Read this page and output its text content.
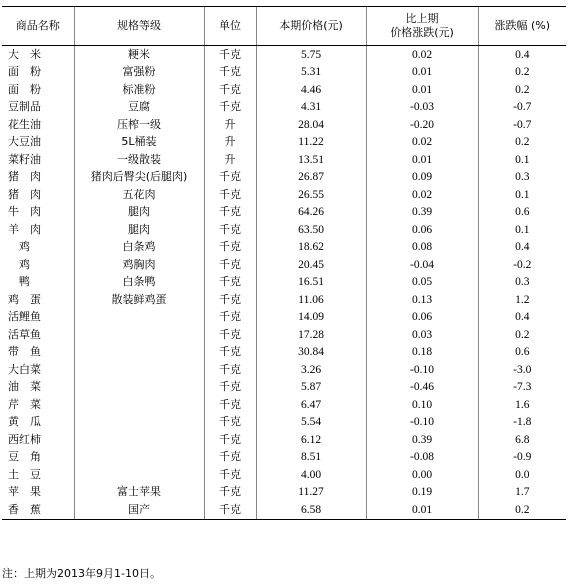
商品名称	规格等级	单位	本期价格(元)	比上期
价格涨跌(元)	涨跌幅 (%)
大　米	粳米	千克	5.75	0.02	0.4
面　粉	富强粉	千克	5.31	0.01	0.2
面　粉	标准粉	千克	4.46	0.01	0.2
豆制品	豆腐	千克	4.31	-0.03	-0.7
花生油	压榨一级	升	28.04	-0.20	-0.7
大豆油	5L桶装	升	11.22	0.02	0.2
菜籽油	一级散装	升	13.51	0.01	0.1
猪　肉	猪肉后臀尖(后腿肉)	千克	26.87	0.09	0.3
猪　肉	五花肉	千克	26.55	0.02	0.1
牛　肉	腿肉	千克	64.26	0.39	0.6
羊　肉	腿肉	千克	63.50	0.06	0.1
　鸡	白条鸡	千克	18.62	0.08	0.4
　鸡	鸡胸肉	千克	20.45	-0.04	-0.2
　鸭	白条鸭	千克	16.51	0.05	0.3
鸡　蛋	散装鲜鸡蛋	千克	11.06	0.13	1.2
活鲤鱼		千克	14.09	0.06	0.4
活草鱼		千克	17.28	0.03	0.2
带　鱼		千克	30.84	0.18	0.6
大白菜		千克	3.26	-0.10	-3.0
油　菜		千克	5.87	-0.46	-7.3
芹　菜		千克	6.47	0.10	1.6
黄　瓜		千克	5.54	-0.10	-1.8
西红柿		千克	6.12	0.39	6.8
豆　角		千克	8.51	-0.08	-0.9
土　豆		千克	4.00	0.00	0.0
苹　果	富士苹果	千克	11.27	0.19	1.7
香　蕉	国产	千克	6.58	0.01	0.2
注：上期为2013年9月1-10日。
